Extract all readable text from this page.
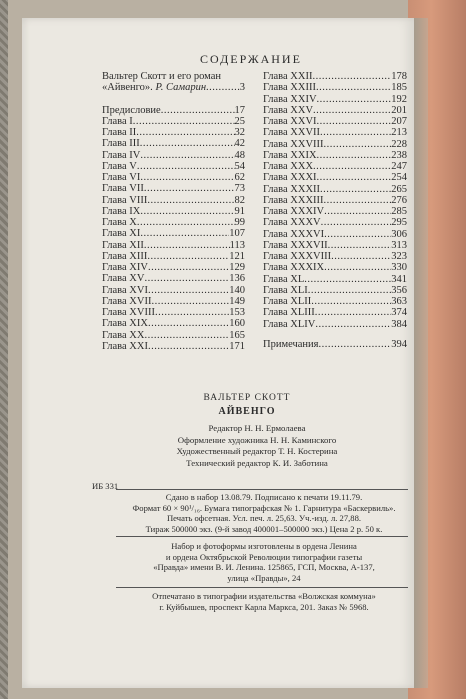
СОДЕРЖАНИЕ
Вальтер Скотт и его роман
«Айвенго».
Р. Самарин .....	3
Предисловие .....	17
Глава I .....	25
Глава II .....	32
Глава III .....	42
Глава IV .....	48
Глава V .....	54
Глава VI .....	62
Глава VII .....	73
Глава VIII .....	82
Глава IX .....	91
Глава X .....	99
Глава XI .....	107
Глава XII .....	113
Глава XIII .....	121
Глава XIV .....	129
Глава XV .....	136
Глава XVI .....	140
Глава XVII .....	149
Глава XVIII .....	153
Глава XIX .....	160
Глава XX .....	165
Глава XXI .....	171
Глава XXII .....	178
Глава XXIII .....	185
Глава XXIV .....	192
Глава XXV .....	201
Глава XXVI .....	207
Глава XXVII .....	213
Глава XXVIII .....	228
Глава XXIX .....	238
Глава XXX .....	247
Глава XXXI .....	254
Глава XXXII .....	265
Глава XXXIII .....	276
Глава XXXIV .....	285
Глава XXXV .....	295
Глава XXXVI .....	306
Глава XXXVII .....	313
Глава XXXVIII .....	323
Глава XXXIX .....	330
Глава XL .....	341
Глава XLI .....	356
Глава XLII .....	363
Глава XLIII .....	374
Глава XLIV .....	384
Примечания .....	394
ВАЛЬТЕР СКОТТ
АЙВЕНГО
Редактор Н. Н. Ермолаева
Оформление художника Н. Н. Каминского
Художественный редактор Т. Н. Костерина
Технический редактор К. И. Заботина
ИБ 331
Сдано в набор 13.08.79. Подписано к печати 19.11.79.
Формат 60 × 90¹/₁₆. Бумага типографская № 1. Гарнитура «Баскервиль».
Печать офсетная. Усл. печ. л. 25,63. Уч.-изд. л. 27,88.
Тираж 500000 экз. (9-й завод 400001–500000 экз.) Цена 2 р. 50 к.
Набор и фотоформы изготовлены в ордена Ленина
и ордена Октябрьской Революции типографии газеты
«Правда» имени В. И. Ленина. 125865, ГСП, Москва, А-137,
улица «Правды», 24
Отпечатано в типографии издательства «Волжская коммуна»
г. Куйбышев, проспект Карла Маркса, 201. Заказ № 5968.
